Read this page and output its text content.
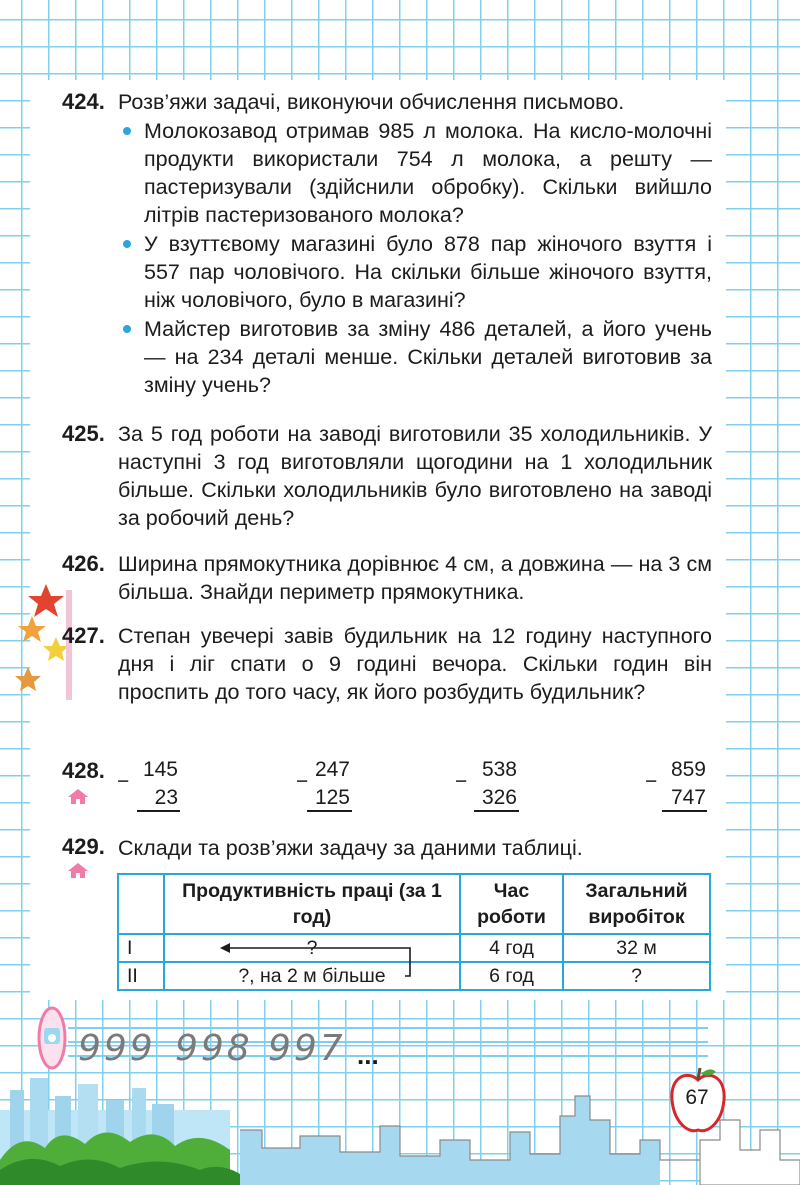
424. Розв’яжи задачі, виконуючи обчислення письмово.

Молокозавод отримав 985 л молока. На кисло-молочні продукти використали 754 л молока, а решту — пастеризували (здійснили обробку). Скільки вийшло літрів пастеризованого молока?
У взуттєвому магазині було 878 пар жіночого взуття і 557 пар чоловічого. На скільки більше жіночого взуття, ніж чоловічого, було в магазині?
Майстер виготовив за зміну 486 деталей, а його учень — на 234 деталі менше. Скільки деталей виготовив за зміну учень?
425. За 5 год роботи на заводі виготовили 35 холодильників. У наступні 3 год виготовляли щогодини на 1 холодильник більше. Скільки холодильників було виготовлено на заводі за робочий день?

426. Ширина прямокутника дорівнює 4 см, а довжина — на 3 см більша. Знайди периметр прямокутника.

427. Степан увечері завів будильник на 12 годину наступного дня і ліг спати о 9 годині вечора. Скільки годин він проспить до того часу, як його розбудить будильник?

428. −
145
23
−
247
125
−
538
326
−
859
747
429. Склади та розв’яжи задачу за даними таблиці.
	Продуктивність праці (за 1 год)	Час роботи	Загальний виробіток
I	?	4 год	32 м
II	?, на 2 м більше	6 год	?
999 998 997 ...
67
